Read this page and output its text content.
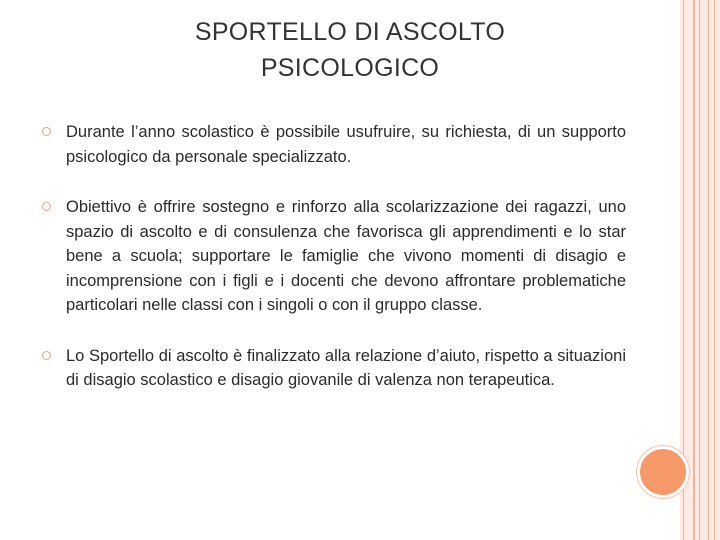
SPORTELLO DI ASCOLTO
PSICOLOGICO

Durante l’anno scolastico è possibile usufruire, su richiesta, di un supporto psicologico da personale specializzato.

Obiettivo è offrire sostegno e rinforzo alla scolarizzazione dei ragazzi, uno spazio di ascolto e di consulenza che favorisca gli apprendimenti e lo star bene a scuola; supportare le famiglie che vivono momenti di disagio e incomprensione con i figli e i docenti che devono affrontare problematiche particolari nelle classi con i singoli o con il gruppo classe.

Lo Sportello di ascolto è finalizzato alla relazione d’aiuto, rispetto a situazioni di disagio scolastico e disagio giovanile di valenza non terapeutica.
